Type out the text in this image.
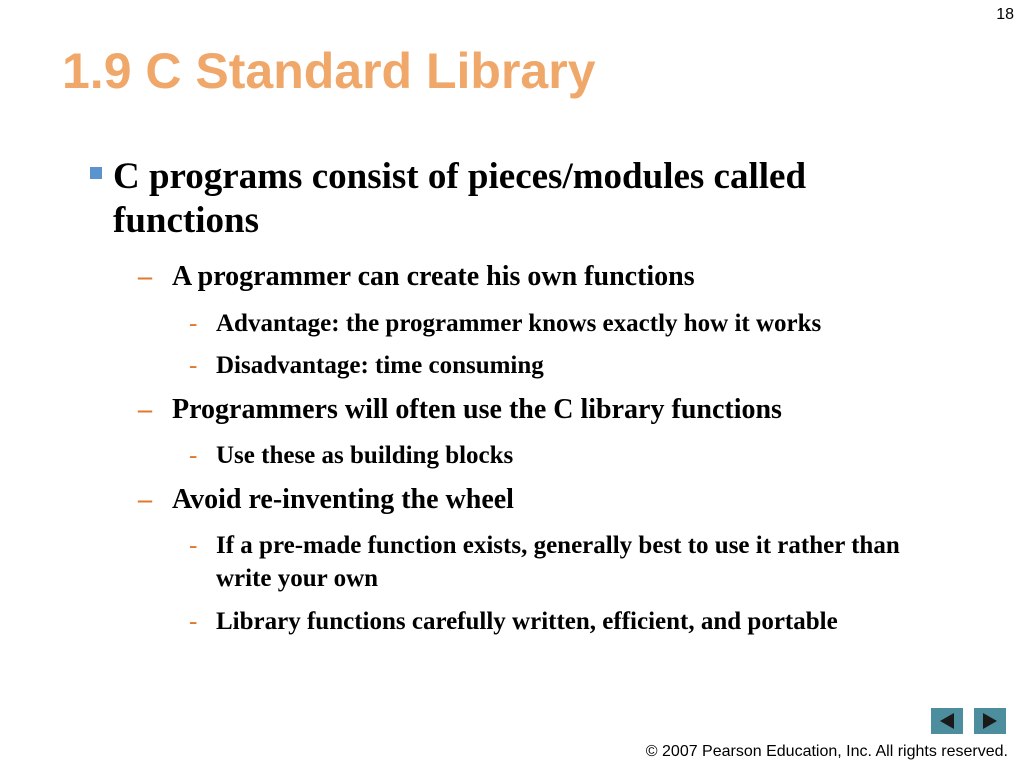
18
1.9 C Standard Library
C programs consist of pieces/modules called functions
– A programmer can create his own functions
- Advantage: the programmer knows exactly how it works
- Disadvantage: time consuming
– Programmers will often use the C library functions
- Use these as building blocks
– Avoid re-inventing the wheel
- If a pre-made function exists, generally best to use it rather than write your own
- Library functions carefully written, efficient, and portable
© 2007 Pearson Education, Inc. All rights reserved.
